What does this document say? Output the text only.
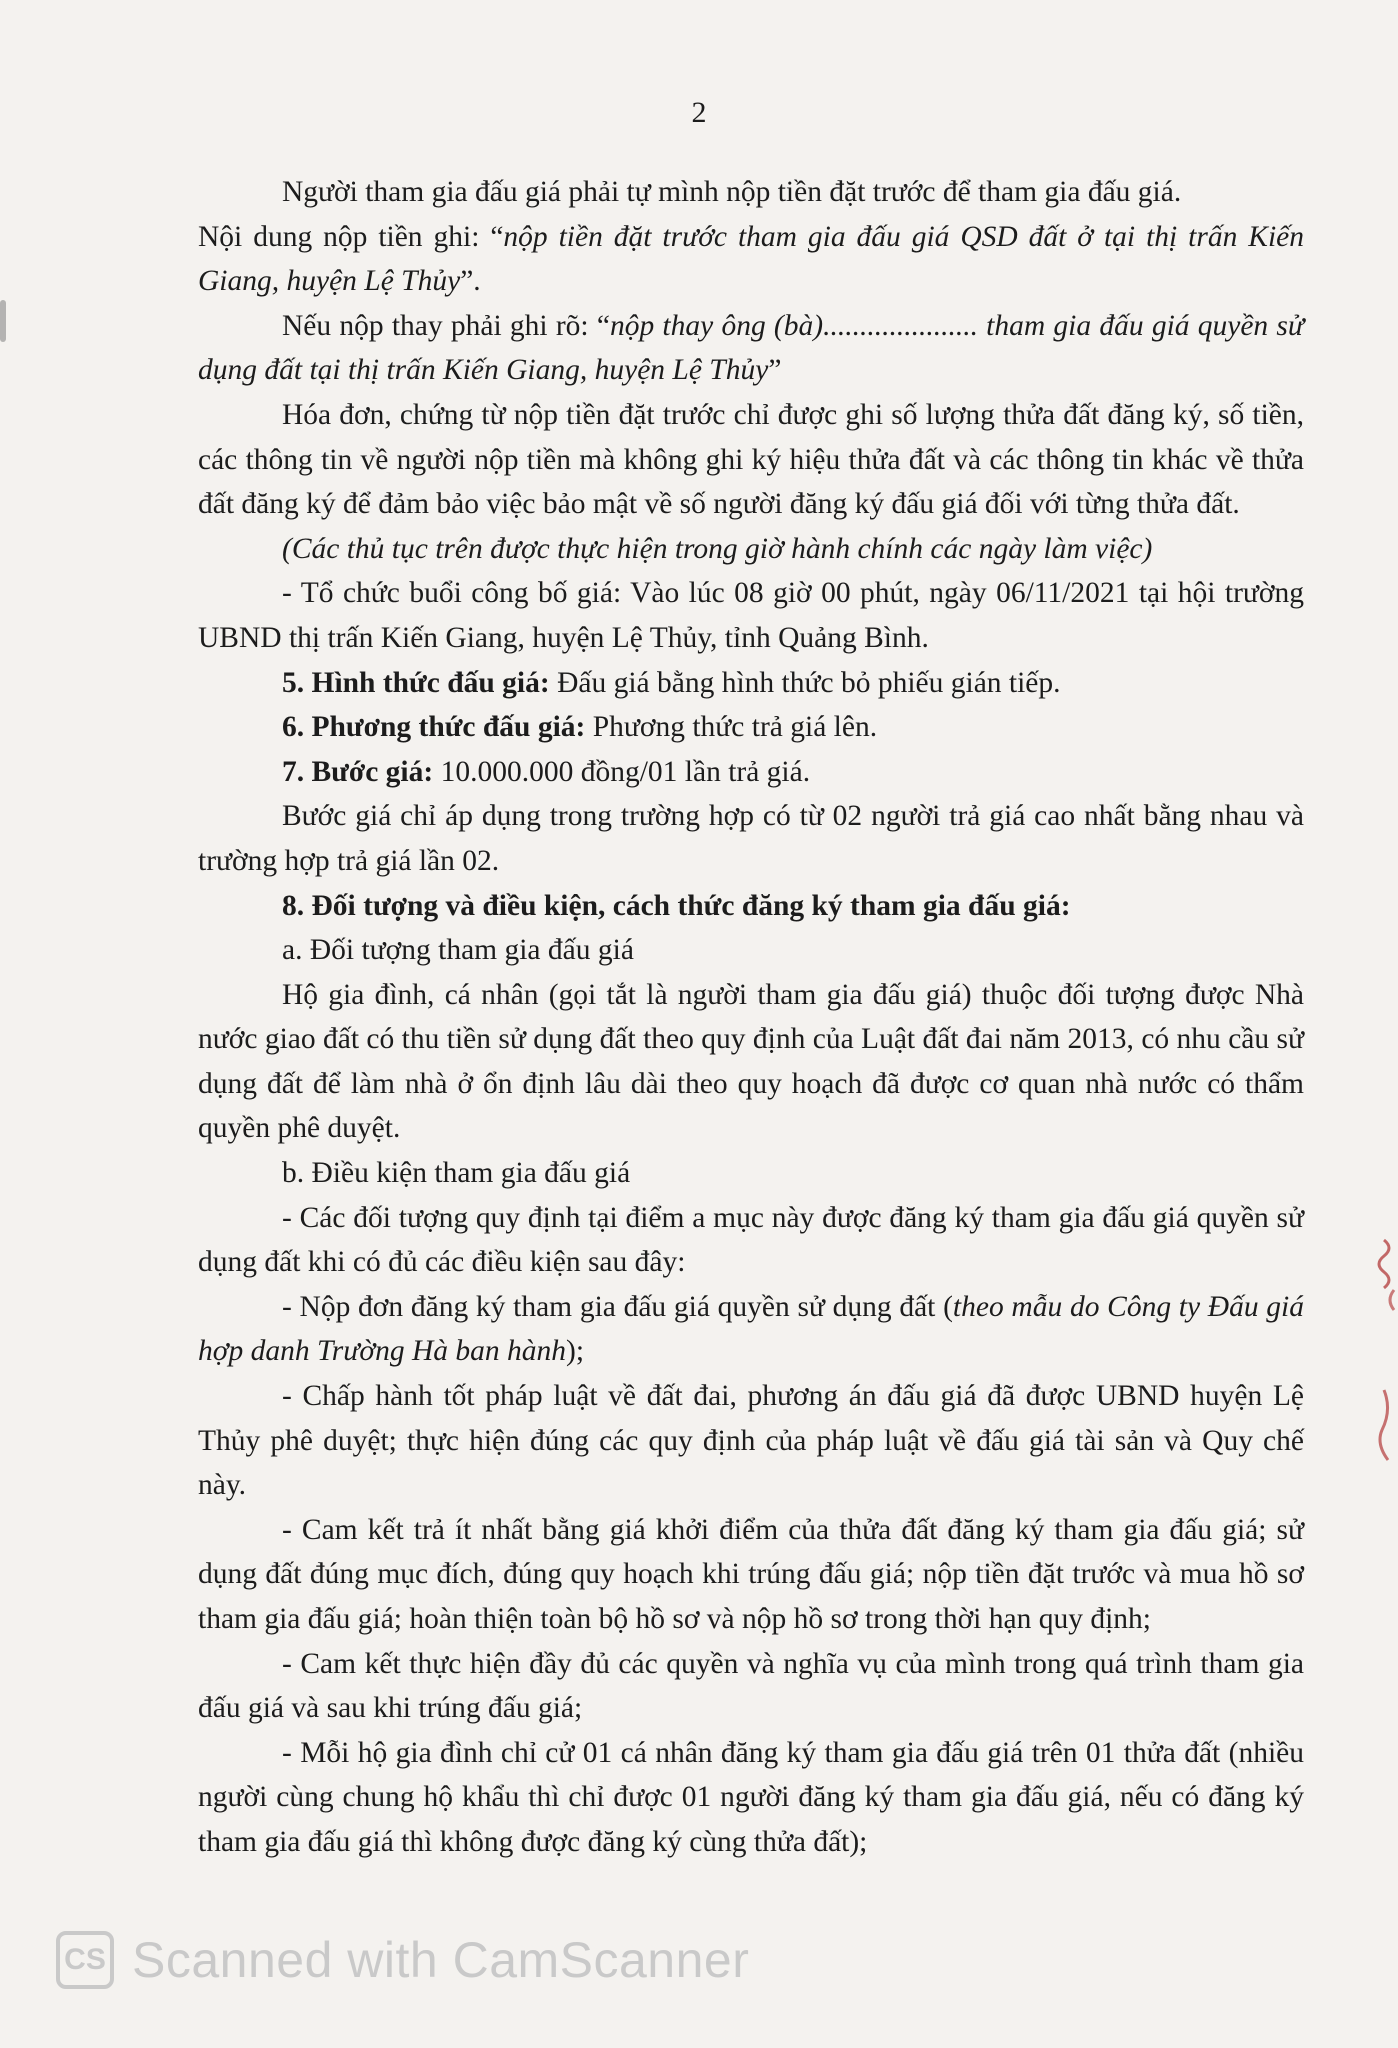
2

Người tham gia đấu giá phải tự mình nộp tiền đặt trước để tham gia đấu giá.

Nội dung nộp tiền ghi: “nộp tiền đặt trước tham gia đấu giá QSD đất ở tại thị trấn Kiến Giang, huyện Lệ Thủy”.

Nếu nộp thay phải ghi rõ: “nộp thay ông (bà)..................... tham gia đấu giá quyền sử dụng đất tại thị trấn Kiến Giang, huyện Lệ Thủy”

Hóa đơn, chứng từ nộp tiền đặt trước chỉ được ghi số lượng thửa đất đăng ký, số tiền, các thông tin về người nộp tiền mà không ghi ký hiệu thửa đất và các thông tin khác về thửa đất đăng ký để đảm bảo việc bảo mật về số người đăng ký đấu giá đối với từng thửa đất.

(Các thủ tục trên được thực hiện trong giờ hành chính các ngày làm việc)

- Tổ chức buổi công bố giá: Vào lúc 08 giờ 00 phút, ngày 06/11/2021 tại hội trường UBND thị trấn Kiến Giang, huyện Lệ Thủy, tỉnh Quảng Bình.

5. Hình thức đấu giá: Đấu giá bằng hình thức bỏ phiếu gián tiếp.

6. Phương thức đấu giá: Phương thức trả giá lên.

7. Bước giá: 10.000.000 đồng/01 lần trả giá.

Bước giá chỉ áp dụng trong trường hợp có từ 02 người trả giá cao nhất bằng nhau và trường hợp trả giá lần 02.

8. Đối tượng và điều kiện, cách thức đăng ký tham gia đấu giá:

a. Đối tượng tham gia đấu giá

Hộ gia đình, cá nhân (gọi tắt là người tham gia đấu giá) thuộc đối tượng được Nhà nước giao đất có thu tiền sử dụng đất theo quy định của Luật đất đai năm 2013, có nhu cầu sử dụng đất để làm nhà ở ổn định lâu dài theo quy hoạch đã được cơ quan nhà nước có thẩm quyền phê duyệt.

b. Điều kiện tham gia đấu giá

- Các đối tượng quy định tại điểm a mục này được đăng ký tham gia đấu giá quyền sử dụng đất khi có đủ các điều kiện sau đây:

- Nộp đơn đăng ký tham gia đấu giá quyền sử dụng đất (theo mẫu do Công ty Đấu giá hợp danh Trường Hà ban hành);

- Chấp hành tốt pháp luật về đất đai, phương án đấu giá đã được UBND huyện Lệ Thủy phê duyệt; thực hiện đúng các quy định của pháp luật về đấu giá tài sản và Quy chế này.

- Cam kết trả ít nhất bằng giá khởi điểm của thửa đất đăng ký tham gia đấu giá; sử dụng đất đúng mục đích, đúng quy hoạch khi trúng đấu giá; nộp tiền đặt trước và mua hồ sơ tham gia đấu giá; hoàn thiện toàn bộ hồ sơ và nộp hồ sơ trong thời hạn quy định;

- Cam kết thực hiện đầy đủ các quyền và nghĩa vụ của mình trong quá trình tham gia đấu giá và sau khi trúng đấu giá;

- Mỗi hộ gia đình chỉ cử 01 cá nhân đăng ký tham gia đấu giá trên 01 thửa đất (nhiều người cùng chung hộ khẩu thì chỉ được 01 người đăng ký tham gia đấu giá, nếu có đăng ký tham gia đấu giá thì không được đăng ký cùng thửa đất);

CS Scanned with CamScanner
